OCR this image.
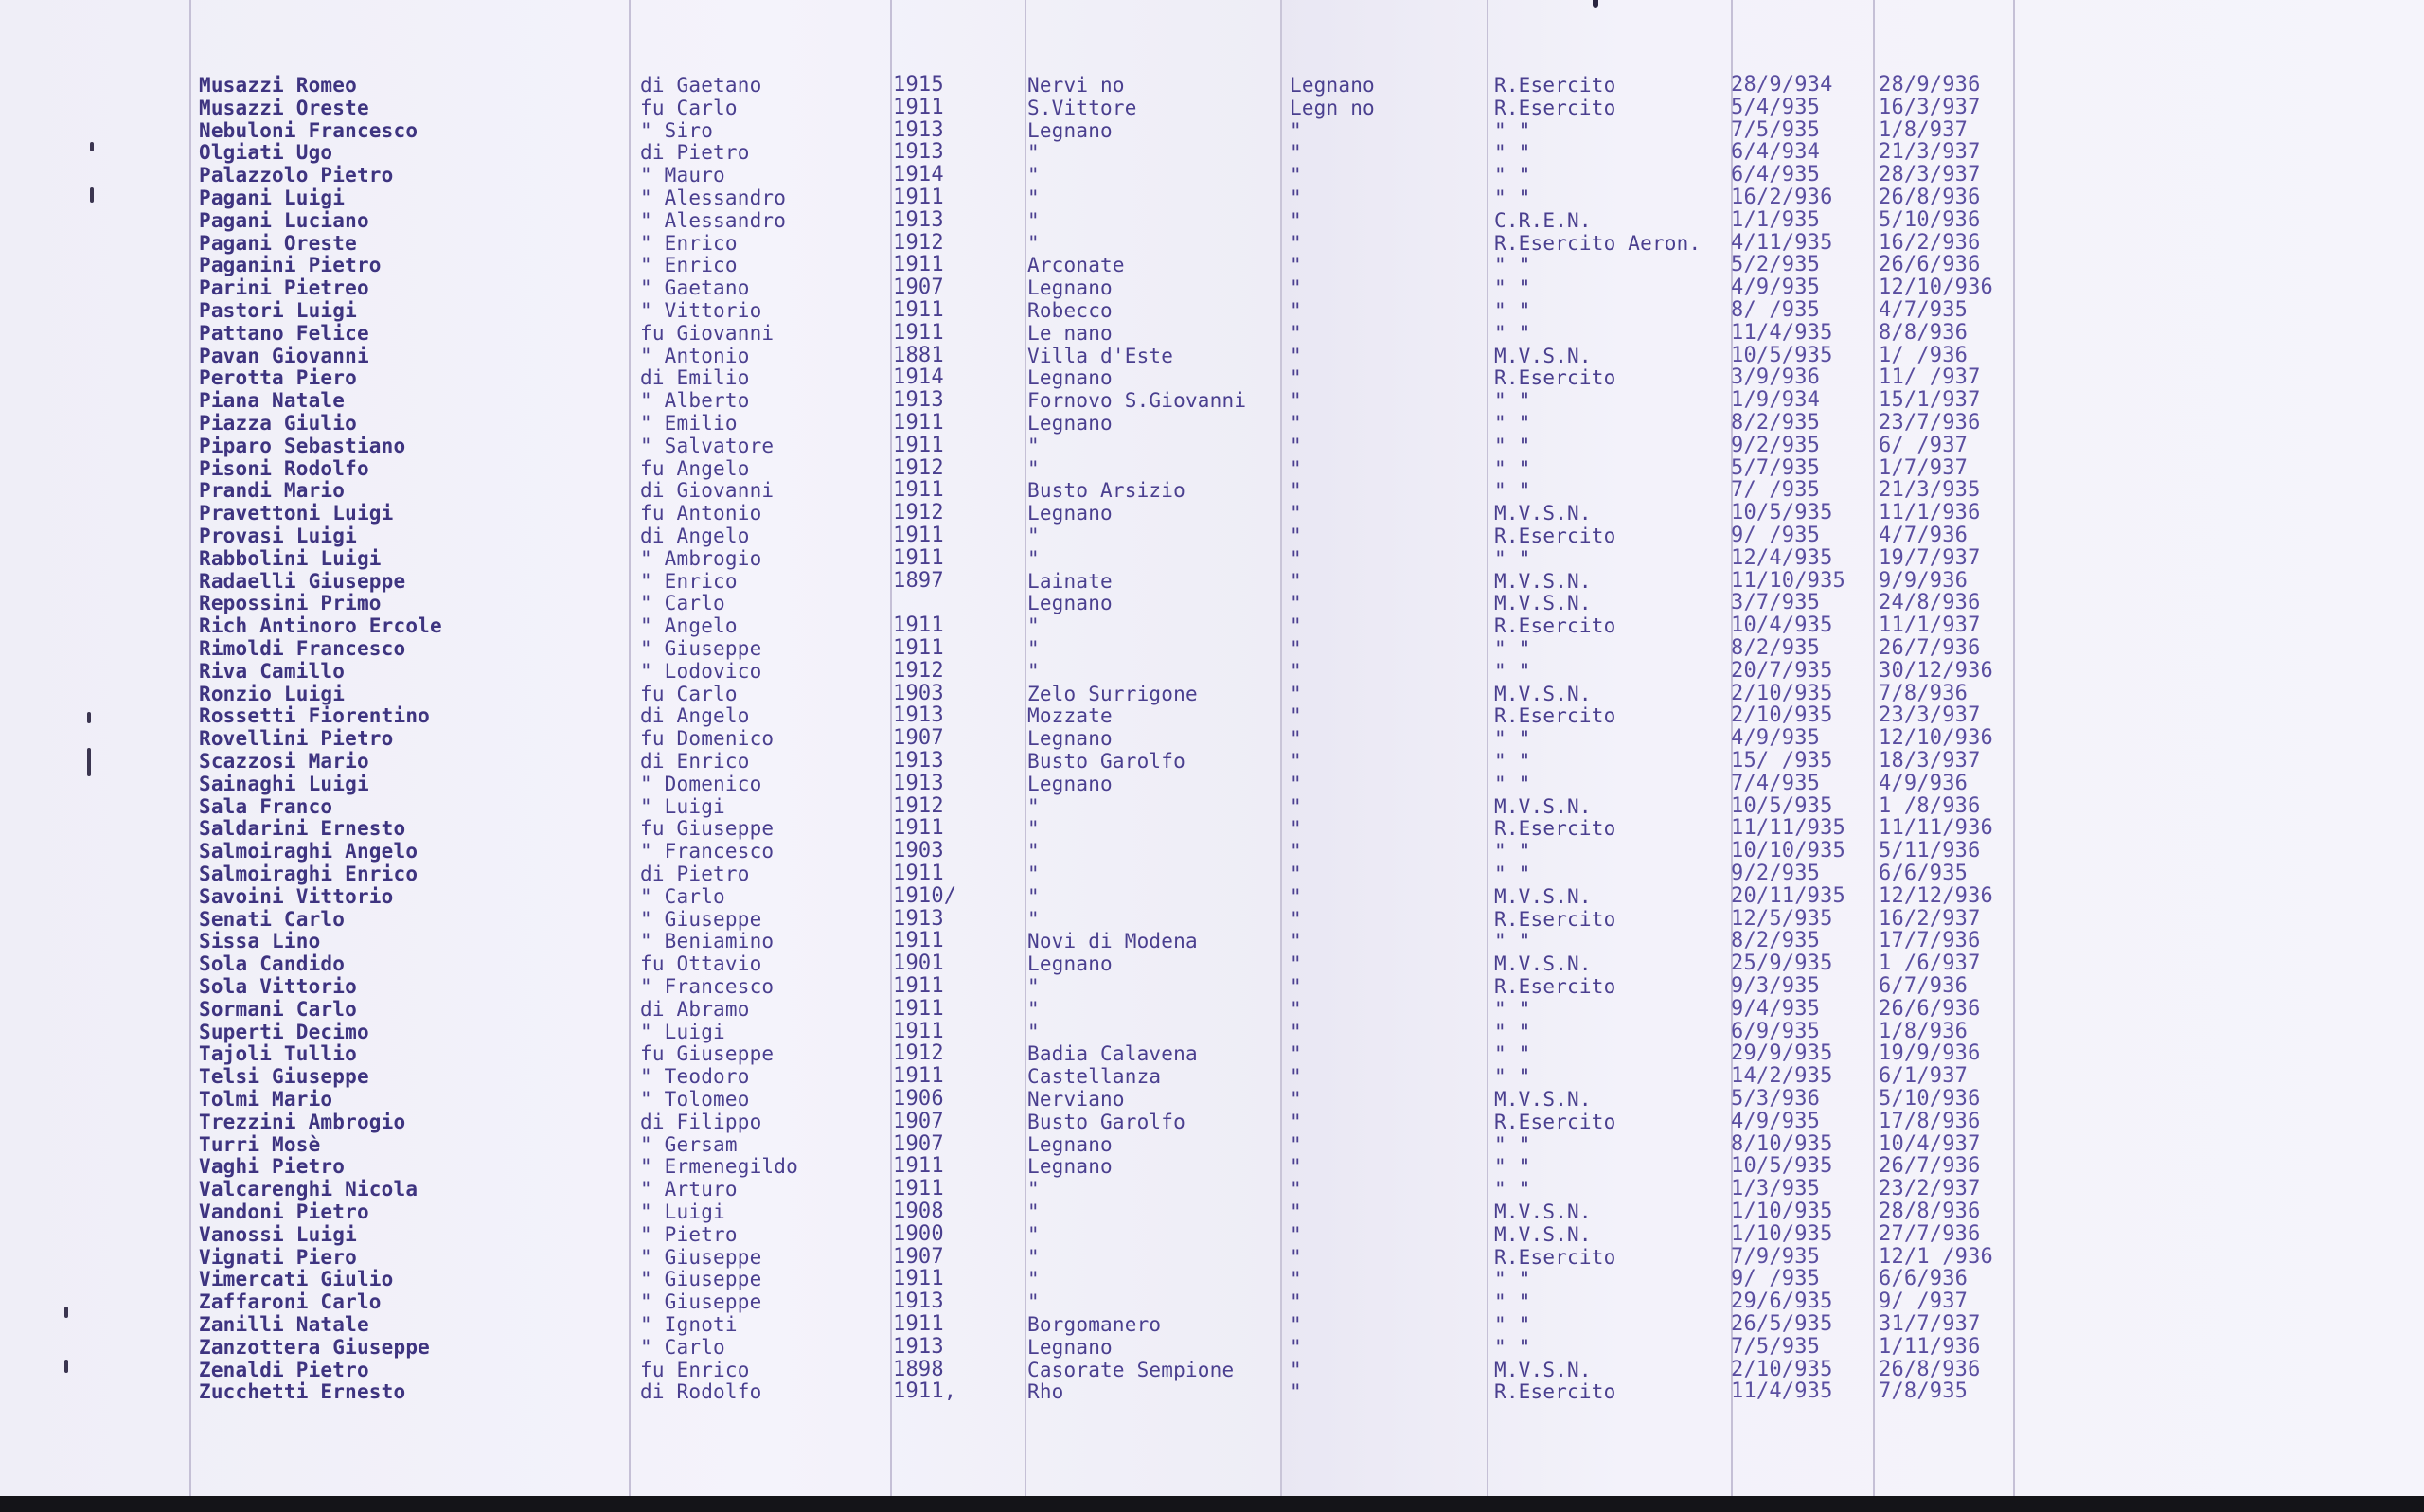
Musazzi Romeo	di Gaetano	1915	Nervi no	Legnano	R.Esercito	28/9/934 28/9/936
Musazzi Oreste	fu Carlo	1911	S.Vittore	Legn no	R.Esercito	5/4/935	16/3/937
Nebuloni Francesco	" Siro	1913	Legnano	"	" "	7/5/935	1/8/937
Olgiati Ugo	di Pietro	1913	"	"	" "	6/4/934	21/3/937
Palazzolo Pietro	" Mauro	1914	"	"	" "	6/4/935	28/3/937
Pagani Luigi	" Alessandro	1911	"	"	" "	16/2/936 26/8/936
Pagani Luciano	" Alessandro	1913	"	"	C.R.E.N.	1/1/935	5/10/936
Pagani Oreste	" Enrico	1912	"	"	R.Esercito Aeron. 4/11/935 16/2/936
Paganini Pietro	" Enrico	1911	Arconate	"	" "	5/2/935	26/6/936
Parini Pietreo	" Gaetano	1907	Legnano	"	" "	4/9/935	12/10/936
Pastori Luigi	" Vittorio	1911	Robecco	"	" "	8/ /935	4/7/935
Pattano Felice	fu Giovanni	1911	Le nano	"	" "	11/4/935 8/8/936
Pavan Giovanni	" Antonio	1881	Villa d'Este	"	M.V.S.N.	10/5/935 1/ /936
Perotta Piero	di Emilio	1914	Legnano	"	R.Esercito	3/9/936	11/ /937
Piana Natale	" Alberto	1913	Fornovo S.Giovanni "	" "	1/9/934	15/1/937
Piazza Giulio	" Emilio	1911	Legnano	"	" "	8/2/935	23/7/936
Piparo Sebastiano	" Salvatore	1911	"	"	" "	9/2/935	6/ /937
Pisoni Rodolfo	fu Angelo	1912	"	"	" "	5/7/935	1/7/937
Prandi Mario	di Giovanni	1911	Busto Arsizio	"	" "	7/ /935	21/3/935
Pravettoni Luigi	fu Antonio	1912	Legnano	"	M.V.S.N.	10/5/935 11/1/936
Provasi Luigi	di Angelo	1911	"	"	R.Esercito	9/ /935	4/7/936
Rabbolini Luigi	" Ambrogio	1911	"	"	" "	12/4/935 19/7/937
Radaelli Giuseppe	" Enrico	1897	Lainate	"	M.V.S.N.	11/10/935 9/9/936
Repossini Primo	" Carlo	Legnano	"	M.V.S.N.	3/7/935	24/8/936
Rich Antinoro Ercole	" Angelo	1911	"	"	R.Esercito	10/4/935 11/1/937
Rimoldi Francesco	" Giuseppe	1911	"	"	" "	8/2/935	26/7/936
Riva Camillo	" Lodovico	1912	"	"	" "	20/7/935 30/12/936
Ronzio Luigi	fu Carlo	1903	Zelo Surrigone	"	M.V.S.N.	2/10/935 7/8/936
Rossetti Fiorentino	di Angelo	1913	Mozzate	"	R.Esercito	2/10/935 23/3/937
Rovellini Pietro	fu Domenico	1907	Legnano	"	" "	4/9/935	12/10/936
Scazzosi Mario	di Enrico	1913	Busto Garolfo	"	" "	15/ /935 18/3/937
Sainaghi Luigi	" Domenico	1913	Legnano	"	" "	7/4/935	4/9/936
Sala Franco	" Luigi	1912	"	"	M.V.S.N.	10/5/935 1 /8/936
Saldarini Ernesto	fu Giuseppe	1911	"	"	R.Esercito	11/11/935 11/11/936
Salmoiraghi Angelo	" Francesco	1903	"	"	" "	10/10/935 5/11/936
Salmoiraghi Enrico	di Pietro	1911	"	"	" "	9/2/935	6/6/935
Savoini Vittorio	" Carlo	1910/	"	"	M.V.S.N.	20/11/935 12/12/936
Senati Carlo	" Giuseppe	1913	"	"	R.Esercito	12/5/935 16/2/937
Sissa Lino	" Beniamino	1911	Novi di Modena	"	" "	8/2/935	17/7/936
Sola Candido	fu Ottavio	1901	Legnano	"	M.V.S.N.	25/9/935 1 /6/937
Sola Vittorio	" Francesco	1911	"	"	R.Esercito	9/3/935	6/7/936
Sormani Carlo	di Abramo	1911	"	"	" "	9/4/935	26/6/936
Superti Decimo	" Luigi	1911	"	"	" "	6/9/935	1/8/936
Tajoli Tullio	fu Giuseppe	1912	Badia Calavena	"	" "	29/9/935 19/9/936
Telsi Giuseppe	" Teodoro	1911	Castellanza	"	" "	14/2/935 6/1/937
Tolmi Mario	" Tolomeo	1906	Nerviano	"	M.V.S.N.	5/3/936	5/10/936
Trezzini Ambrogio	di Filippo	1907	Busto Garolfo	"	R.Esercito	4/9/935	17/8/936
Turri Mosè	" Gersam	1907	Legnano	"	" "	8/10/935 10/4/937
Vaghi Pietro	" Ermenegildo	1911	Legnano	"	" "	10/5/935 26/7/936
Valcarenghi Nicola	" Arturo	1911	"	"	" "	1/3/935	23/2/937
Vandoni Pietro	" Luigi	1908	"	"	M.V.S.N.	1/10/935 28/8/936
Vanossi Luigi	" Pietro	1900	"	"	M.V.S.N.	1/10/935 27/7/936
Vignati Piero	" Giuseppe	1907	"	"	R.Esercito	7/9/935	12/1 /936
Vimercati Giulio	" Giuseppe	1911	"	"	" "	9/ /935	6/6/936
Zaffaroni Carlo	" Giuseppe	1913	"	"	" "	29/6/935 9/ /937
Zanilli Natale	" Ignoti	1911	Borgomanero	"	" "	26/5/935 31/7/937
Zanzottera Giuseppe	" Carlo	1913	Legnano	"	" "	7/5/935	1/11/936
Zenaldi Pietro	fu Enrico	1898	Casorate Sempione	"	M.V.S.N.	2/10/935 26/8/936
Zucchetti Ernesto	di Rodolfo	1911,	Rho	"	R.Esercito	11/4/935 7/8/935
